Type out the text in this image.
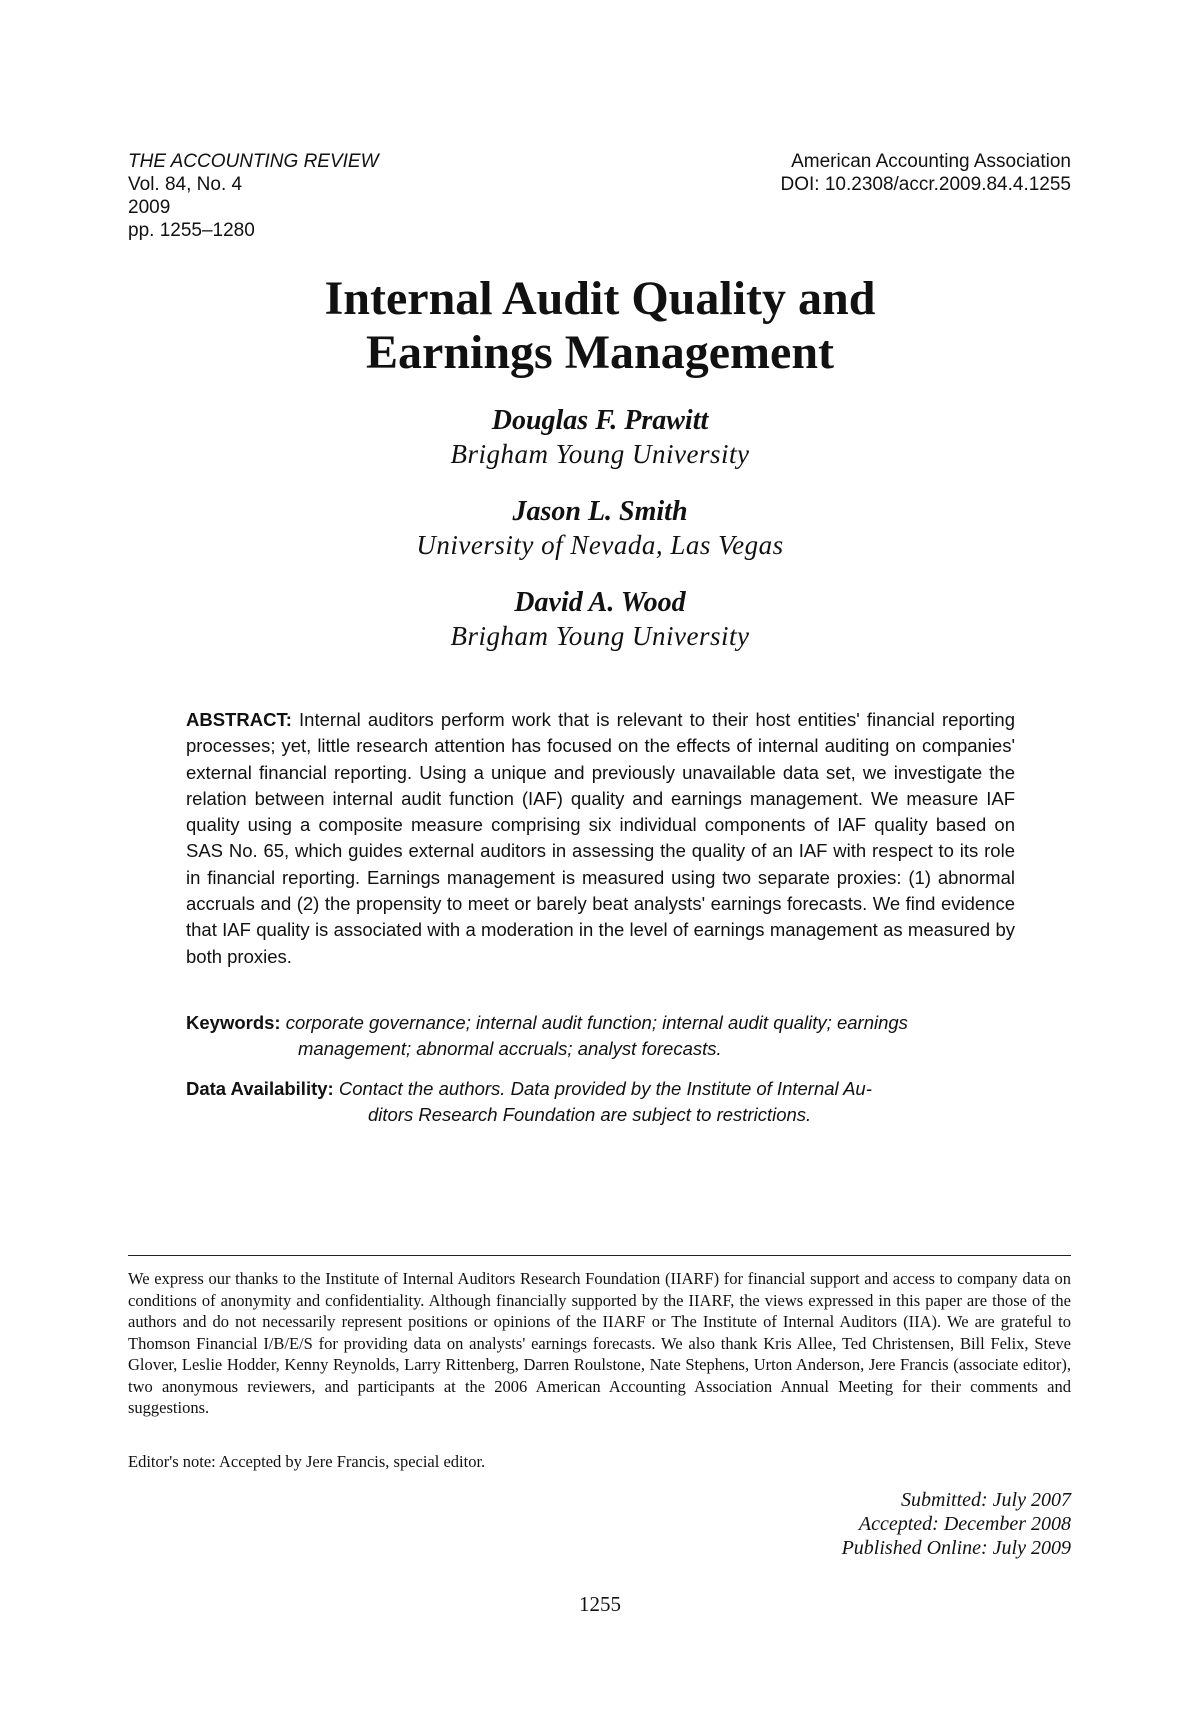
THE ACCOUNTING REVIEW
Vol. 84, No. 4
2009
pp. 1255–1280
American Accounting Association
DOI: 10.2308/accr.2009.84.4.1255
Internal Audit Quality and
Earnings Management
Douglas F. Prawitt
Brigham Young University
Jason L. Smith
University of Nevada, Las Vegas
David A. Wood
Brigham Young University
ABSTRACT: Internal auditors perform work that is relevant to their host entities' financial reporting processes; yet, little research attention has focused on the effects of internal auditing on companies' external financial reporting. Using a unique and previously unavailable data set, we investigate the relation between internal audit function (IAF) quality and earnings management. We measure IAF quality using a composite measure comprising six individual components of IAF quality based on SAS No. 65, which guides external auditors in assessing the quality of an IAF with respect to its role in financial reporting. Earnings management is measured using two separate proxies: (1) abnormal accruals and (2) the propensity to meet or barely beat analysts' earnings forecasts. We find evidence that IAF quality is associated with a moderation in the level of earnings management as measured by both proxies.
Keywords: corporate governance; internal audit function; internal audit quality; earnings
management; abnormal accruals; analyst forecasts.
Data Availability: Contact the authors. Data provided by the Institute of Internal Au-
ditors Research Foundation are subject to restrictions.
We express our thanks to the Institute of Internal Auditors Research Foundation (IIARF) for financial support and access to company data on conditions of anonymity and confidentiality. Although financially supported by the IIARF, the views expressed in this paper are those of the authors and do not necessarily represent positions or opinions of the IIARF or The Institute of Internal Auditors (IIA). We are grateful to Thomson Financial I/B/E/S for providing data on analysts' earnings forecasts. We also thank Kris Allee, Ted Christensen, Bill Felix, Steve Glover, Leslie Hodder, Kenny Reynolds, Larry Rittenberg, Darren Roulstone, Nate Stephens, Urton Anderson, Jere Francis (associate editor), two anonymous reviewers, and participants at the 2006 American Accounting Association Annual Meeting for their comments and suggestions.
Editor's note: Accepted by Jere Francis, special editor.
Submitted: July 2007
Accepted: December 2008
Published Online: July 2009
1255
